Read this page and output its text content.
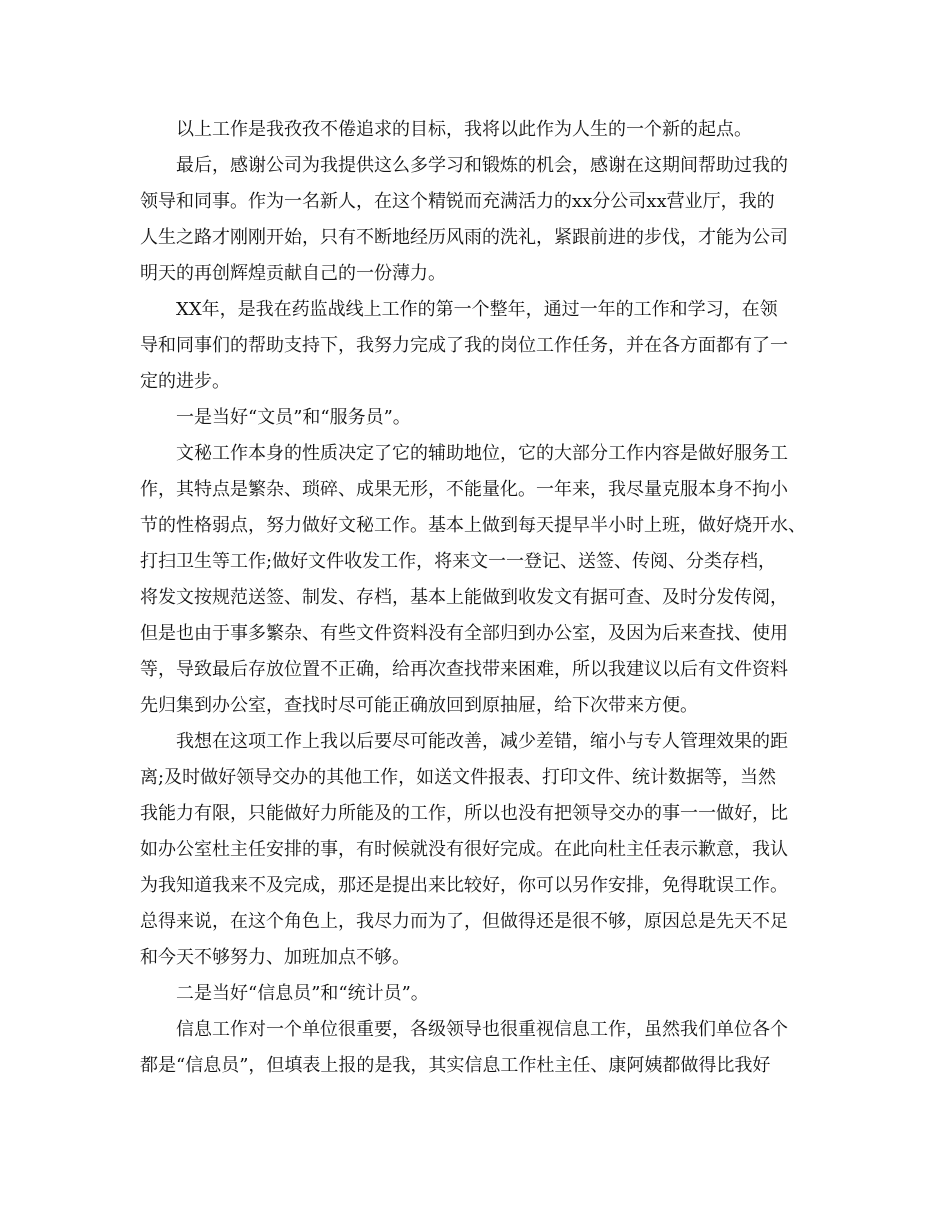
以上工作是我孜孜不倦追求的目标，我将以此作为人生的一个新的起点。
最后，感谢公司为我提供这么多学习和锻炼的机会，感谢在这期间帮助过我的
领导和同事。作为一名新人，在这个精锐而充满活力的xx分公司xx营业厅，我的
人生之路才刚刚开始，只有不断地经历风雨的洗礼，紧跟前进的步伐，才能为公司
明天的再创辉煌贡献自己的一份薄力。
XX年，是我在药监战线上工作的第一个整年，通过一年的工作和学习，在领
导和同事们的帮助支持下，我努力完成了我的岗位工作任务，并在各方面都有了一
定的进步。
一是当好“文员”和“服务员”。
文秘工作本身的性质决定了它的辅助地位，它的大部分工作内容是做好服务工
作，其特点是繁杂、琐碎、成果无形，不能量化。一年来，我尽量克服本身不拘小
节的性格弱点，努力做好文秘工作。基本上做到每天提早半小时上班，做好烧开水、
打扫卫生等工作;做好文件收发工作，将来文一一登记、送签、传阅、分类存档，
将发文按规范送签、制发、存档，基本上能做到收发文有据可查、及时分发传阅，
但是也由于事多繁杂、有些文件资料没有全部归到办公室，及因为后来查找、使用
等，导致最后存放位置不正确，给再次查找带来困难，所以我建议以后有文件资料
先归集到办公室，查找时尽可能正确放回到原抽屉，给下次带来方便。
我想在这项工作上我以后要尽可能改善，减少差错，缩小与专人管理效果的距
离;及时做好领导交办的其他工作，如送文件报表、打印文件、统计数据等，当然
我能力有限，只能做好力所能及的工作，所以也没有把领导交办的事一一做好，比
如办公室杜主任安排的事，有时候就没有很好完成。在此向杜主任表示歉意，我认
为我知道我来不及完成，那还是提出来比较好，你可以另作安排，免得耽误工作。
总得来说，在这个角色上，我尽力而为了，但做得还是很不够，原因总是先天不足
和今天不够努力、加班加点不够。
二是当好“信息员”和“统计员”。
信息工作对一个单位很重要，各级领导也很重视信息工作，虽然我们单位各个
都是“信息员”，但填表上报的是我，其实信息工作杜主任、康阿姨都做得比我好
